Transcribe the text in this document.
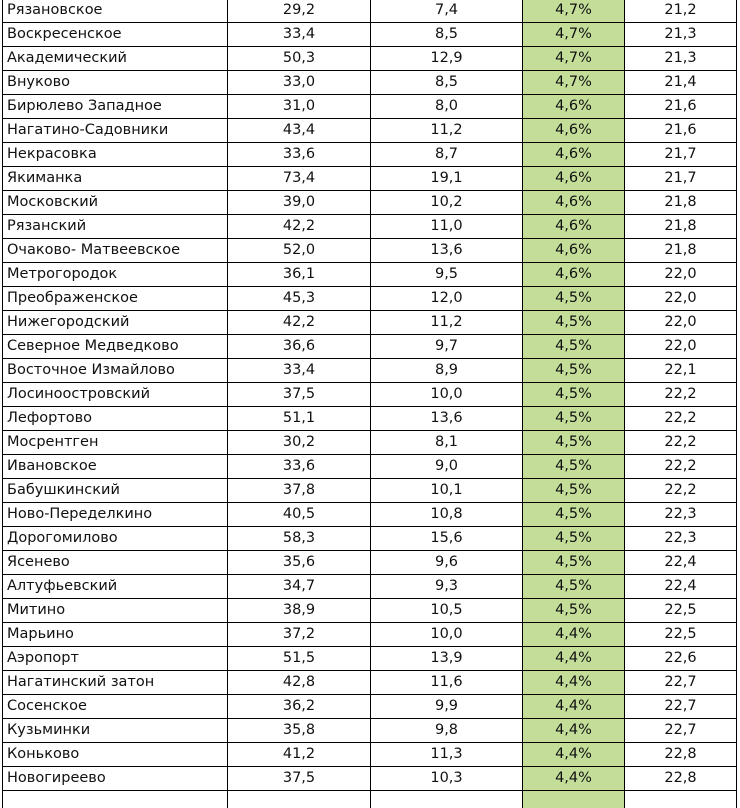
Рязановское	29,2	7,4	4,7%	21,2
Воскресенское	33,4	8,5	4,7%	21,3
Академический	50,3	12,9	4,7%	21,3
Внуково	33,0	8,5	4,7%	21,4
Бирюлево Западное	31,0	8,0	4,6%	21,6
Нагатино-Садовники	43,4	11,2	4,6%	21,6
Некрасовка	33,6	8,7	4,6%	21,7
Якиманка	73,4	19,1	4,6%	21,7
Московский	39,0	10,2	4,6%	21,8
Рязанский	42,2	11,0	4,6%	21,8
Очаково- Матвеевское	52,0	13,6	4,6%	21,8
Метрогородок	36,1	9,5	4,6%	22,0
Преображенское	45,3	12,0	4,5%	22,0
Нижегородский	42,2	11,2	4,5%	22,0
Северное Медведково	36,6	9,7	4,5%	22,0
Восточное Измайлово	33,4	8,9	4,5%	22,1
Лосиноостровский	37,5	10,0	4,5%	22,2
Лефортово	51,1	13,6	4,5%	22,2
Мосрентген	30,2	8,1	4,5%	22,2
Ивановское	33,6	9,0	4,5%	22,2
Бабушкинский	37,8	10,1	4,5%	22,2
Ново-Переделкино	40,5	10,8	4,5%	22,3
Дорогомилово	58,3	15,6	4,5%	22,3
Ясенево	35,6	9,6	4,5%	22,4
Алтуфьевский	34,7	9,3	4,5%	22,4
Митино	38,9	10,5	4,5%	22,5
Марьино	37,2	10,0	4,4%	22,5
Аэропорт	51,5	13,9	4,4%	22,6
Нагатинский затон	42,8	11,6	4,4%	22,7
Сосенское	36,2	9,9	4,4%	22,7
Кузьминки	35,8	9,8	4,4%	22,7
Коньково	41,2	11,3	4,4%	22,8
Новогиреево	37,5	10,3	4,4%	22,8
